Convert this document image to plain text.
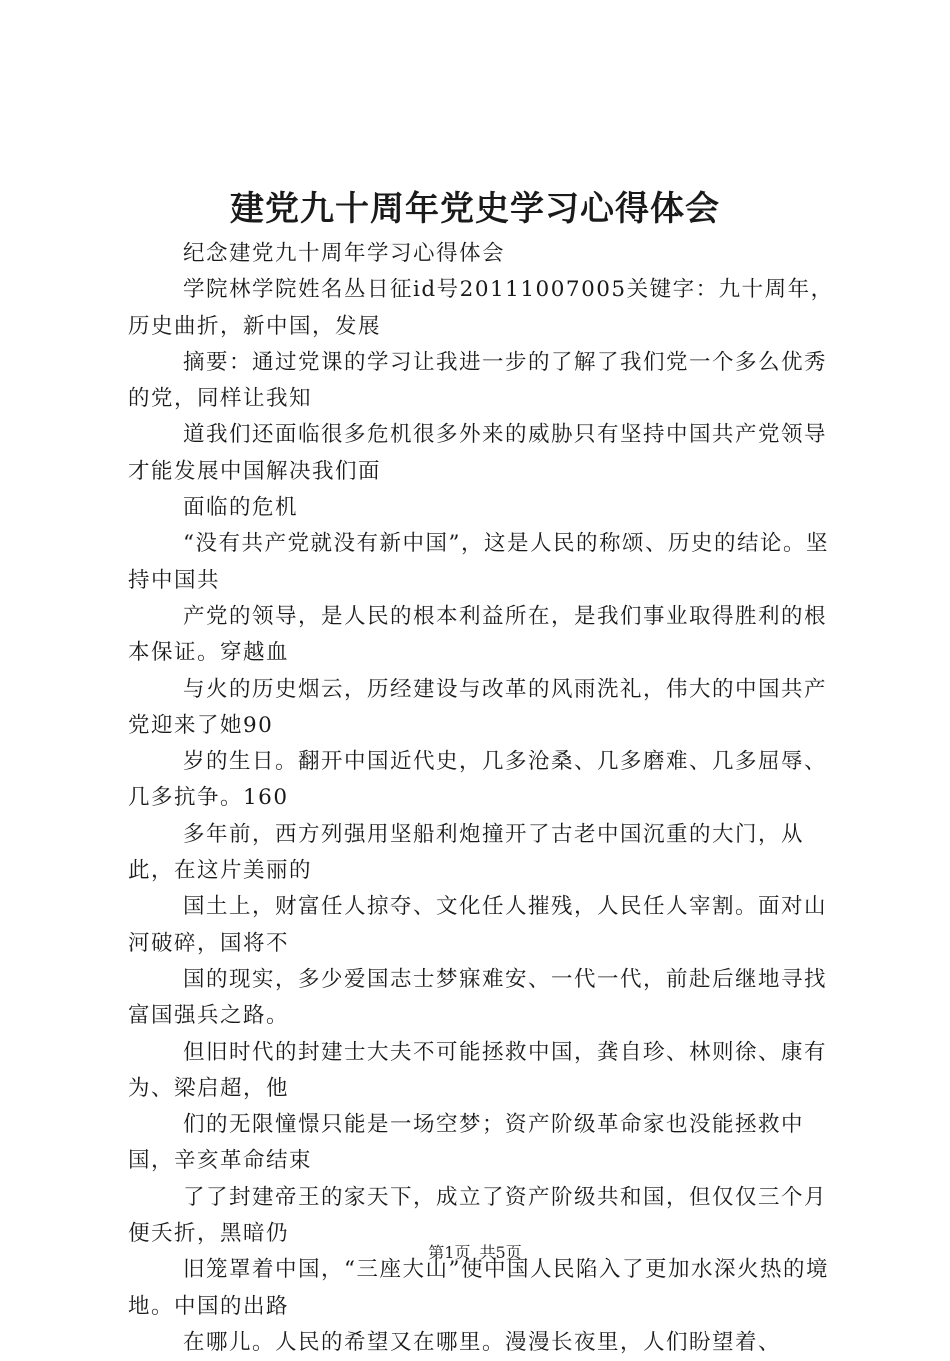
建党九十周年党史学习心得体会

纪念建党九十周年学习心得体会

学院林学院姓名丛日征id号20111007005关键字：九十周年，历史曲折，新中国，发展

摘要：通过党课的学习让我进一步的了解了我们党一个多么优秀的党，同样让我知

道我们还面临很多危机很多外来的威胁只有坚持中国共产党领导才能发展中国解决我们面

面临的危机

“没有共产党就没有新中国”，这是人民的称颂、历史的结论。坚持中国共

产党的领导，是人民的根本利益所在，是我们事业取得胜利的根本保证。穿越血

与火的历史烟云，历经建设与改革的风雨洗礼，伟大的中国共产党迎来了她90

岁的生日。翻开中国近代史，几多沧桑、几多磨难、几多屈辱、几多抗争。160

多年前，西方列强用坚船利炮撞开了古老中国沉重的大门，从此，在这片美丽的

国土上，财富任人掠夺、文化任人摧残，人民任人宰割。面对山河破碎，国将不

国的现实，多少爱国志士梦寐难安、一代一代，前赴后继地寻找富国强兵之路。

但旧时代的封建士大夫不可能拯救中国，龚自珍、林则徐、康有为、梁启超，他

们的无限憧憬只能是一场空梦；资产阶级革命家也没能拯救中国，辛亥革命结束

了了封建帝王的家天下，成立了资产阶级共和国，但仅仅三个月便夭折，黑暗仍

旧笼罩着中国，“三座大山”使中国人民陷入了更加水深火热的境地。中国的出路

在哪儿。人民的希望又在哪里。漫漫长夜里，人们盼望着、

第1页 共5页
